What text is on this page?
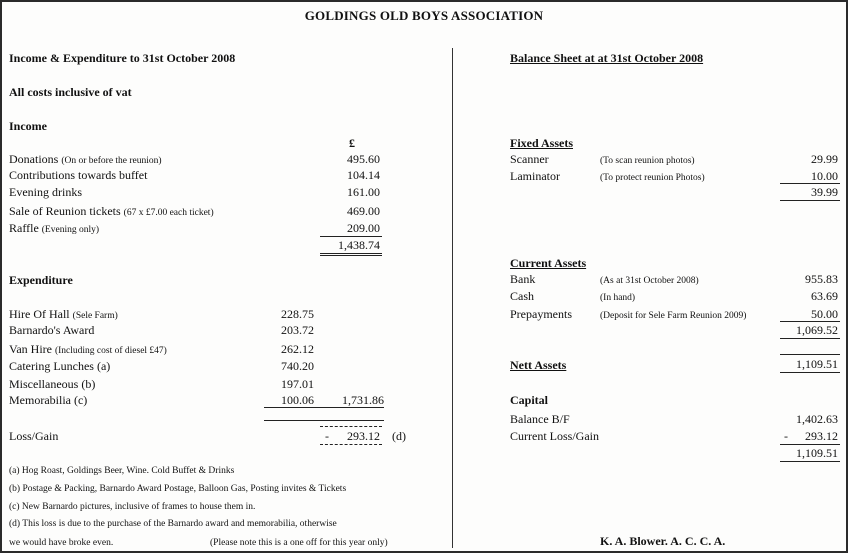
GOLDINGS OLD BOYS ASSOCIATION
Income & Expenditure to 31st October 2008
All costs inclusive of vat
Income
£
Donations (On or before the reunion)	495.60
Contributions towards buffet	104.14
Evening drinks	161.00
Sale of Reunion tickets (67 x £7.00 each ticket)	469.00
Raffle (Evening only)	209.00
1,438.74
Expenditure
Hire Of Hall (Sele Farm)	228.75
Barnardo's Award	203.72
Van Hire (Including cost of diesel £47)	262.12
Catering Lunches (a)	740.20
Miscellaneous (b)	197.01
Memorabilia (c)	100.06	1,731.86
Loss/Gain	-	293.12 (d)
(a) Hog Roast, Goldings Beer, Wine. Cold Buffet & Drinks
(b) Postage & Packing, Barnardo Award Postage, Balloon Gas, Posting invites & Tickets
(c) New Barnardo pictures, inclusive of frames to house them in.
(d) This loss is due to the purchase of the Barnardo award and memorabilia, otherwise
we would have broke even.	(Please note this is a one off for this year only)
Balance Sheet at at 31st October 2008
Fixed Assets
Scanner	(To scan reunion photos)	29.99
Laminator	(To protect reunion Photos)	10.00
39.99
Current Assets
Bank	(As at 31st October 2008)	955.83
Cash	(In hand)	63.69
Prepayments	(Deposit for Sele Farm Reunion 2009)	50.00
1,069.52
Nett Assets	1,109.51
Capital
Balance B/F	1,402.63
Current Loss/Gain	-	293.12
1,109.51
K. A. Blower. A. C. C. A.
